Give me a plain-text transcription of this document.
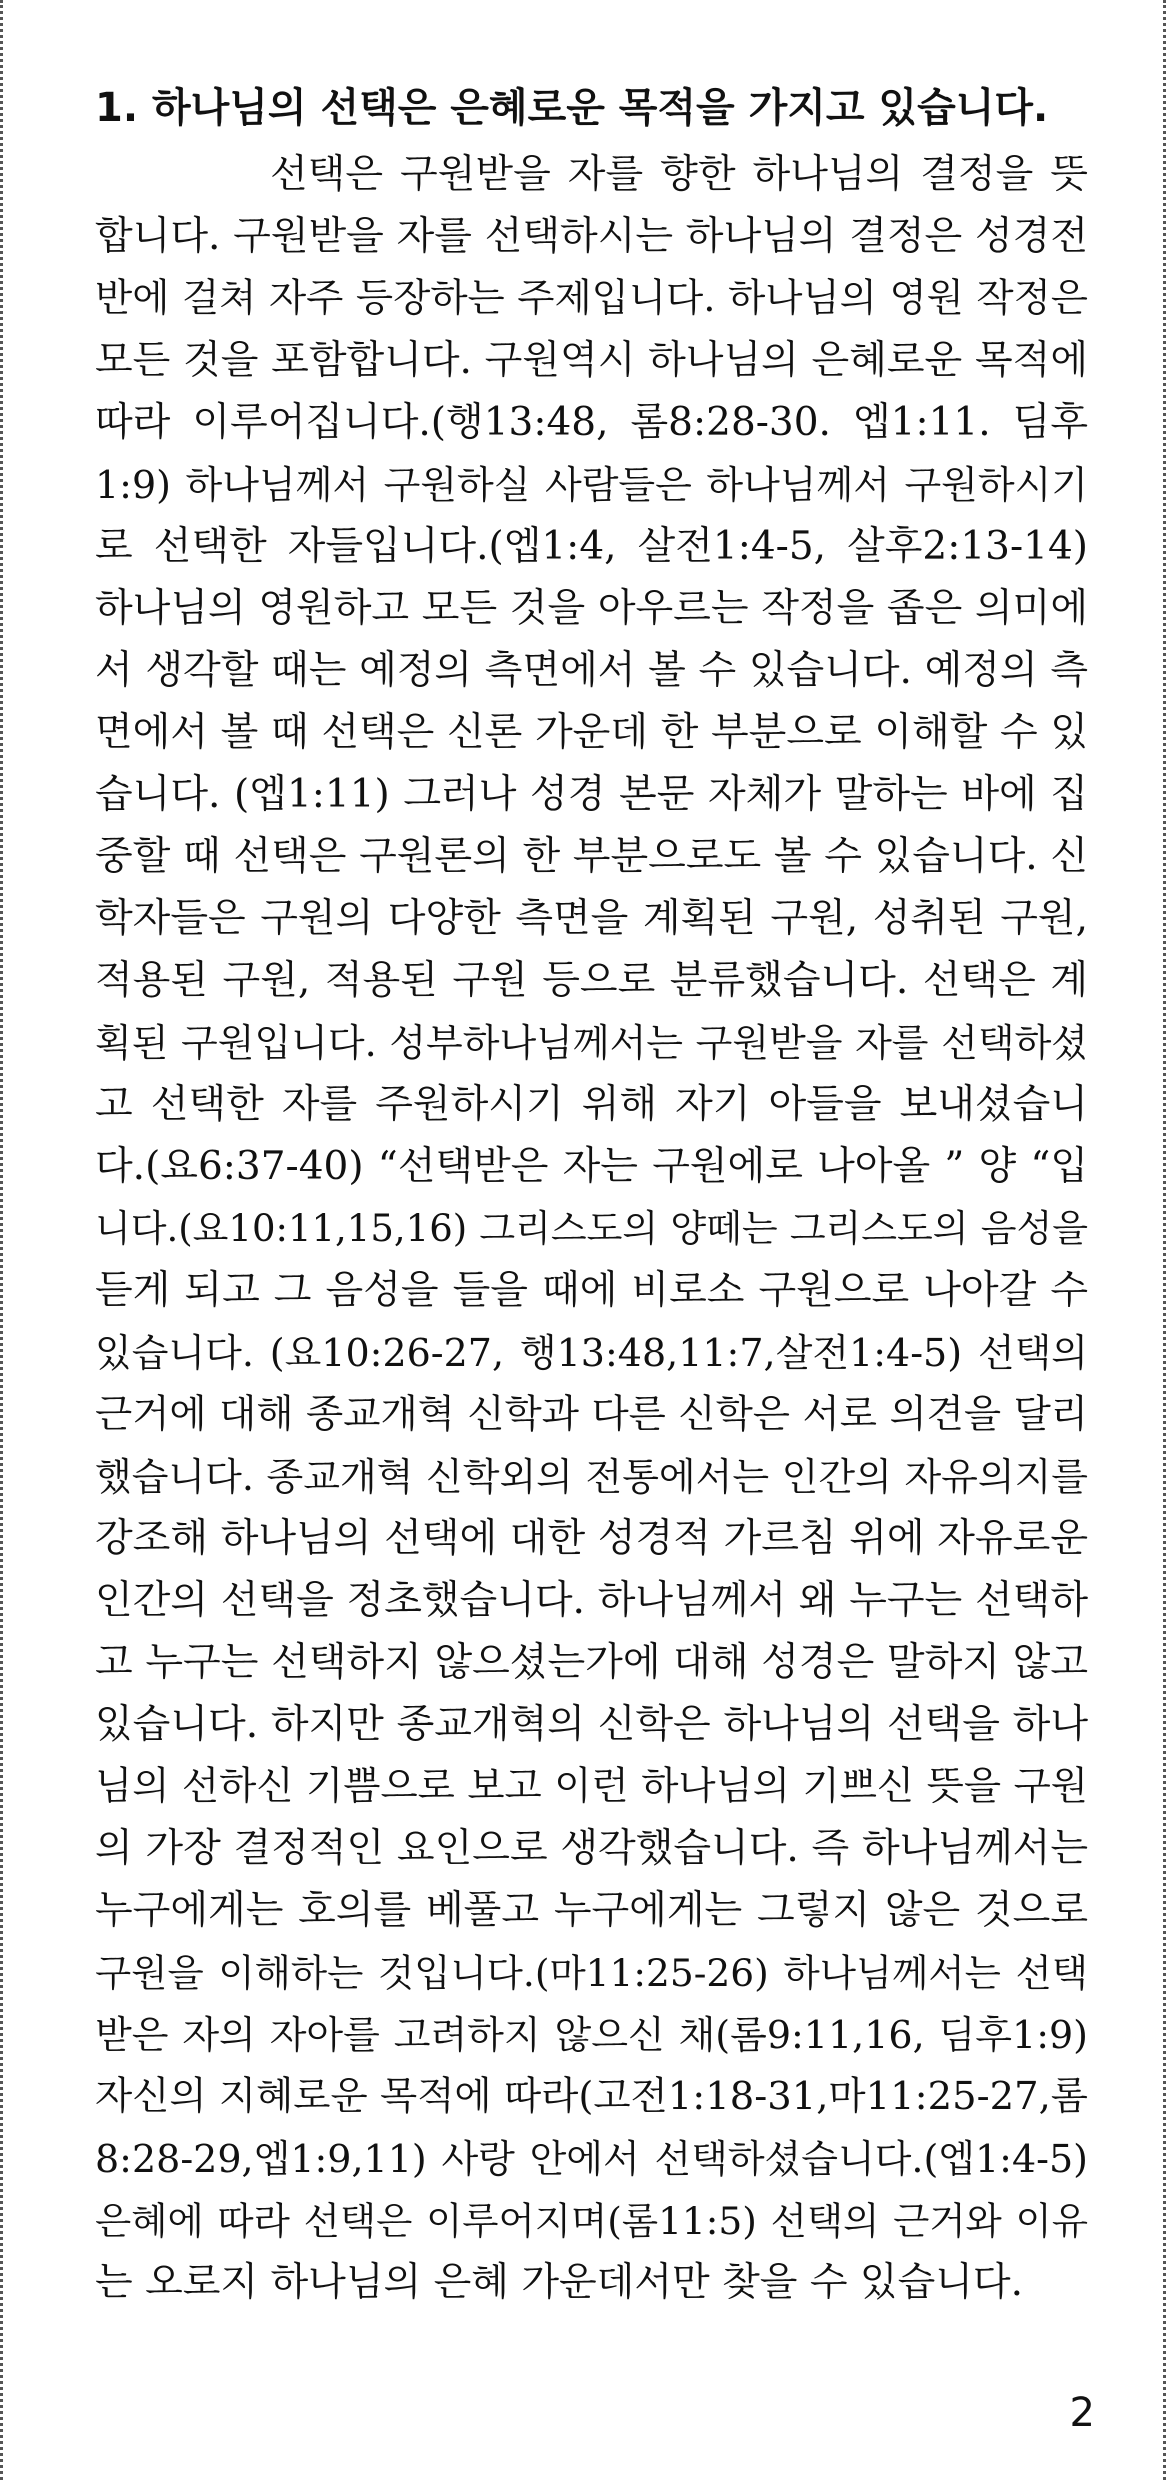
1. 하나님의 선택은 은혜로운 목적을 가지고 있습니다.
선택은 구원받을 자를 향한 하나님의 결정을 뜻
합니다. 구원받을 자를 선택하시는 하나님의 결정은 성경전
반에 걸쳐 자주 등장하는 주제입니다. 하나님의 영원 작정은
모든 것을 포함합니다. 구원역시 하나님의 은혜로운 목적에
따라 이루어집니다.(행13:48, 롬8:28-30. 엡1:11. 딤후
1:9) 하나님께서 구원하실 사람들은 하나님께서 구원하시기
로 선택한 자들입니다.(엡1:4, 살전1:4-5, 살후2:13-14)
하나님의 영원하고 모든 것을 아우르는 작정을 좁은 의미에
서 생각할 때는 예정의 측면에서 볼 수 있습니다. 예정의 측
면에서 볼 때 선택은 신론 가운데 한 부분으로 이해할 수 있
습니다. (엡1:11) 그러나 성경 본문 자체가 말하는 바에 집
중할 때 선택은 구원론의 한 부분으로도 볼 수 있습니다. 신
학자들은 구원의 다양한 측면을 계획된 구원, 성취된 구원,
적용된 구원, 적용된 구원 등으로 분류했습니다. 선택은 계
획된 구원입니다. 성부하나님께서는 구원받을 자를 선택하셨
고 선택한 자를 주원하시기 위해 자기 아들을 보내셨습니
다.(요6:37-40) “선택받은 자는 구원에로 나아올 ” 양 “입
니다.(요10:11,15,16) 그리스도의 양떼는 그리스도의 음성을
듣게 되고 그 음성을 들을 때에 비로소 구원으로 나아갈 수
있습니다. (요10:26-27, 행13:48,11:7,살전1:4-5) 선택의
근거에 대해 종교개혁 신학과 다른 신학은 서로 의견을 달리
했습니다. 종교개혁 신학외의 전통에서는 인간의 자유의지를
강조해 하나님의 선택에 대한 성경적 가르침 위에 자유로운
인간의 선택을 정초했습니다. 하나님께서 왜 누구는 선택하
고 누구는 선택하지 않으셨는가에 대해 성경은 말하지 않고
있습니다. 하지만 종교개혁의 신학은 하나님의 선택을 하나
님의 선하신 기쁨으로 보고 이런 하나님의 기쁘신 뜻을 구원
의 가장 결정적인 요인으로 생각했습니다. 즉 하나님께서는
누구에게는 호의를 베풀고 누구에게는 그렇지 않은 것으로
구원을 이해하는 것입니다.(마11:25-26) 하나님께서는 선택
받은 자의 자아를 고려하지 않으신 채(롬9:11,16, 딤후1:9)
자신의 지혜로운 목적에 따라(고전1:18-31,마11:25-27,롬
8:28-29,엡1:9,11) 사랑 안에서 선택하셨습니다.(엡1:4-5)
은혜에 따라 선택은 이루어지며(롬11:5) 선택의 근거와 이유
는 오로지 하나님의 은혜 가운데서만 찾을 수 있습니다.
2
